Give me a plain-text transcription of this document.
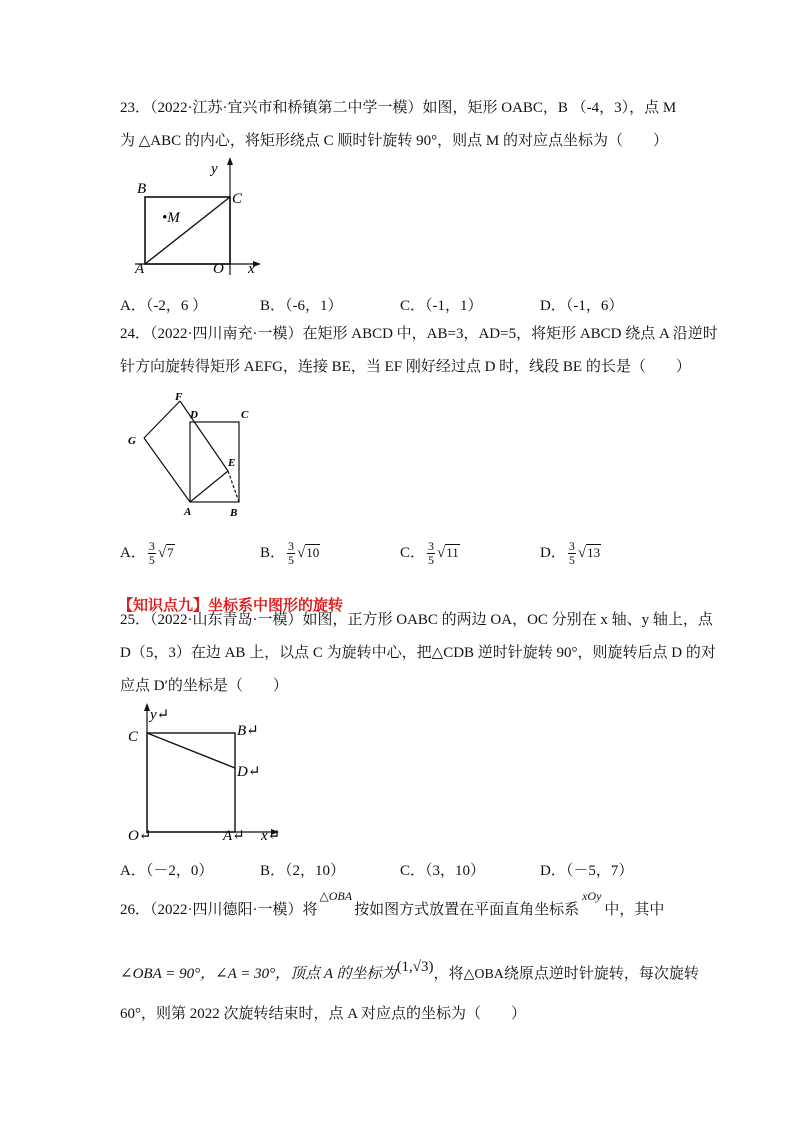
23．（2022·江苏·宜兴市和桥镇第二中学一模）如图，矩形 OABC，B （-4，3），点 M
为 △ABC 的内心，将矩形绕点 C 顺时针旋转 90°，则点 M 的对应点坐标为（　　）
y
B
C
•M
A	O x
A．（-2，6 ）	B．（-6，1）	C．（-1，1）	D．（-1，6）
24．（2022·四川南充·一模）在矩形 ABCD 中，AB=3，AD=5，将矩形 ABCD 绕点 A 沿逆时
针方向旋转得矩形 AEFG，连接 BE，当 EF 刚好经过点 D 时，线段 BE 的长是（　　）
F
D	C
G
E
A	B
A． $\frac{3}{5} √7$	B． $\frac{3}{5} √10$	C． $\frac{3}{5} √11$	D． $\frac{3}{5} √13$
【知识点九】坐标系中图形的旋转
25．（2022·山东青岛·一模）如图，正方形 OABC 的两边 OA，OC 分别在 x 轴、y 轴上，点
D（5，3）在边 AB 上，以点 C 为旋转中心，把△CDB 逆时针旋转 90°，则旋转后点 D 的对
应点 D′的坐标是（　　）
y↵
C	B↵
D↵
O↵	A↵ x↵
A．（－2，0）	B．（2，10）	C．（3，10）	D．（－5，7）
26．（2022·四川德阳·一模）将$^{\triangle OBA}$按如图方式放置在平面直角坐标系$^{xOy}$中，其中
∠OBA = 90°，∠A = 30°，顶点 A 的坐标为(1,√3)，将△OBA绕原点逆时针旋转，每次旋转
60°，则第 2022 次旋转结束时，点 A 对应点的坐标为（　　）
